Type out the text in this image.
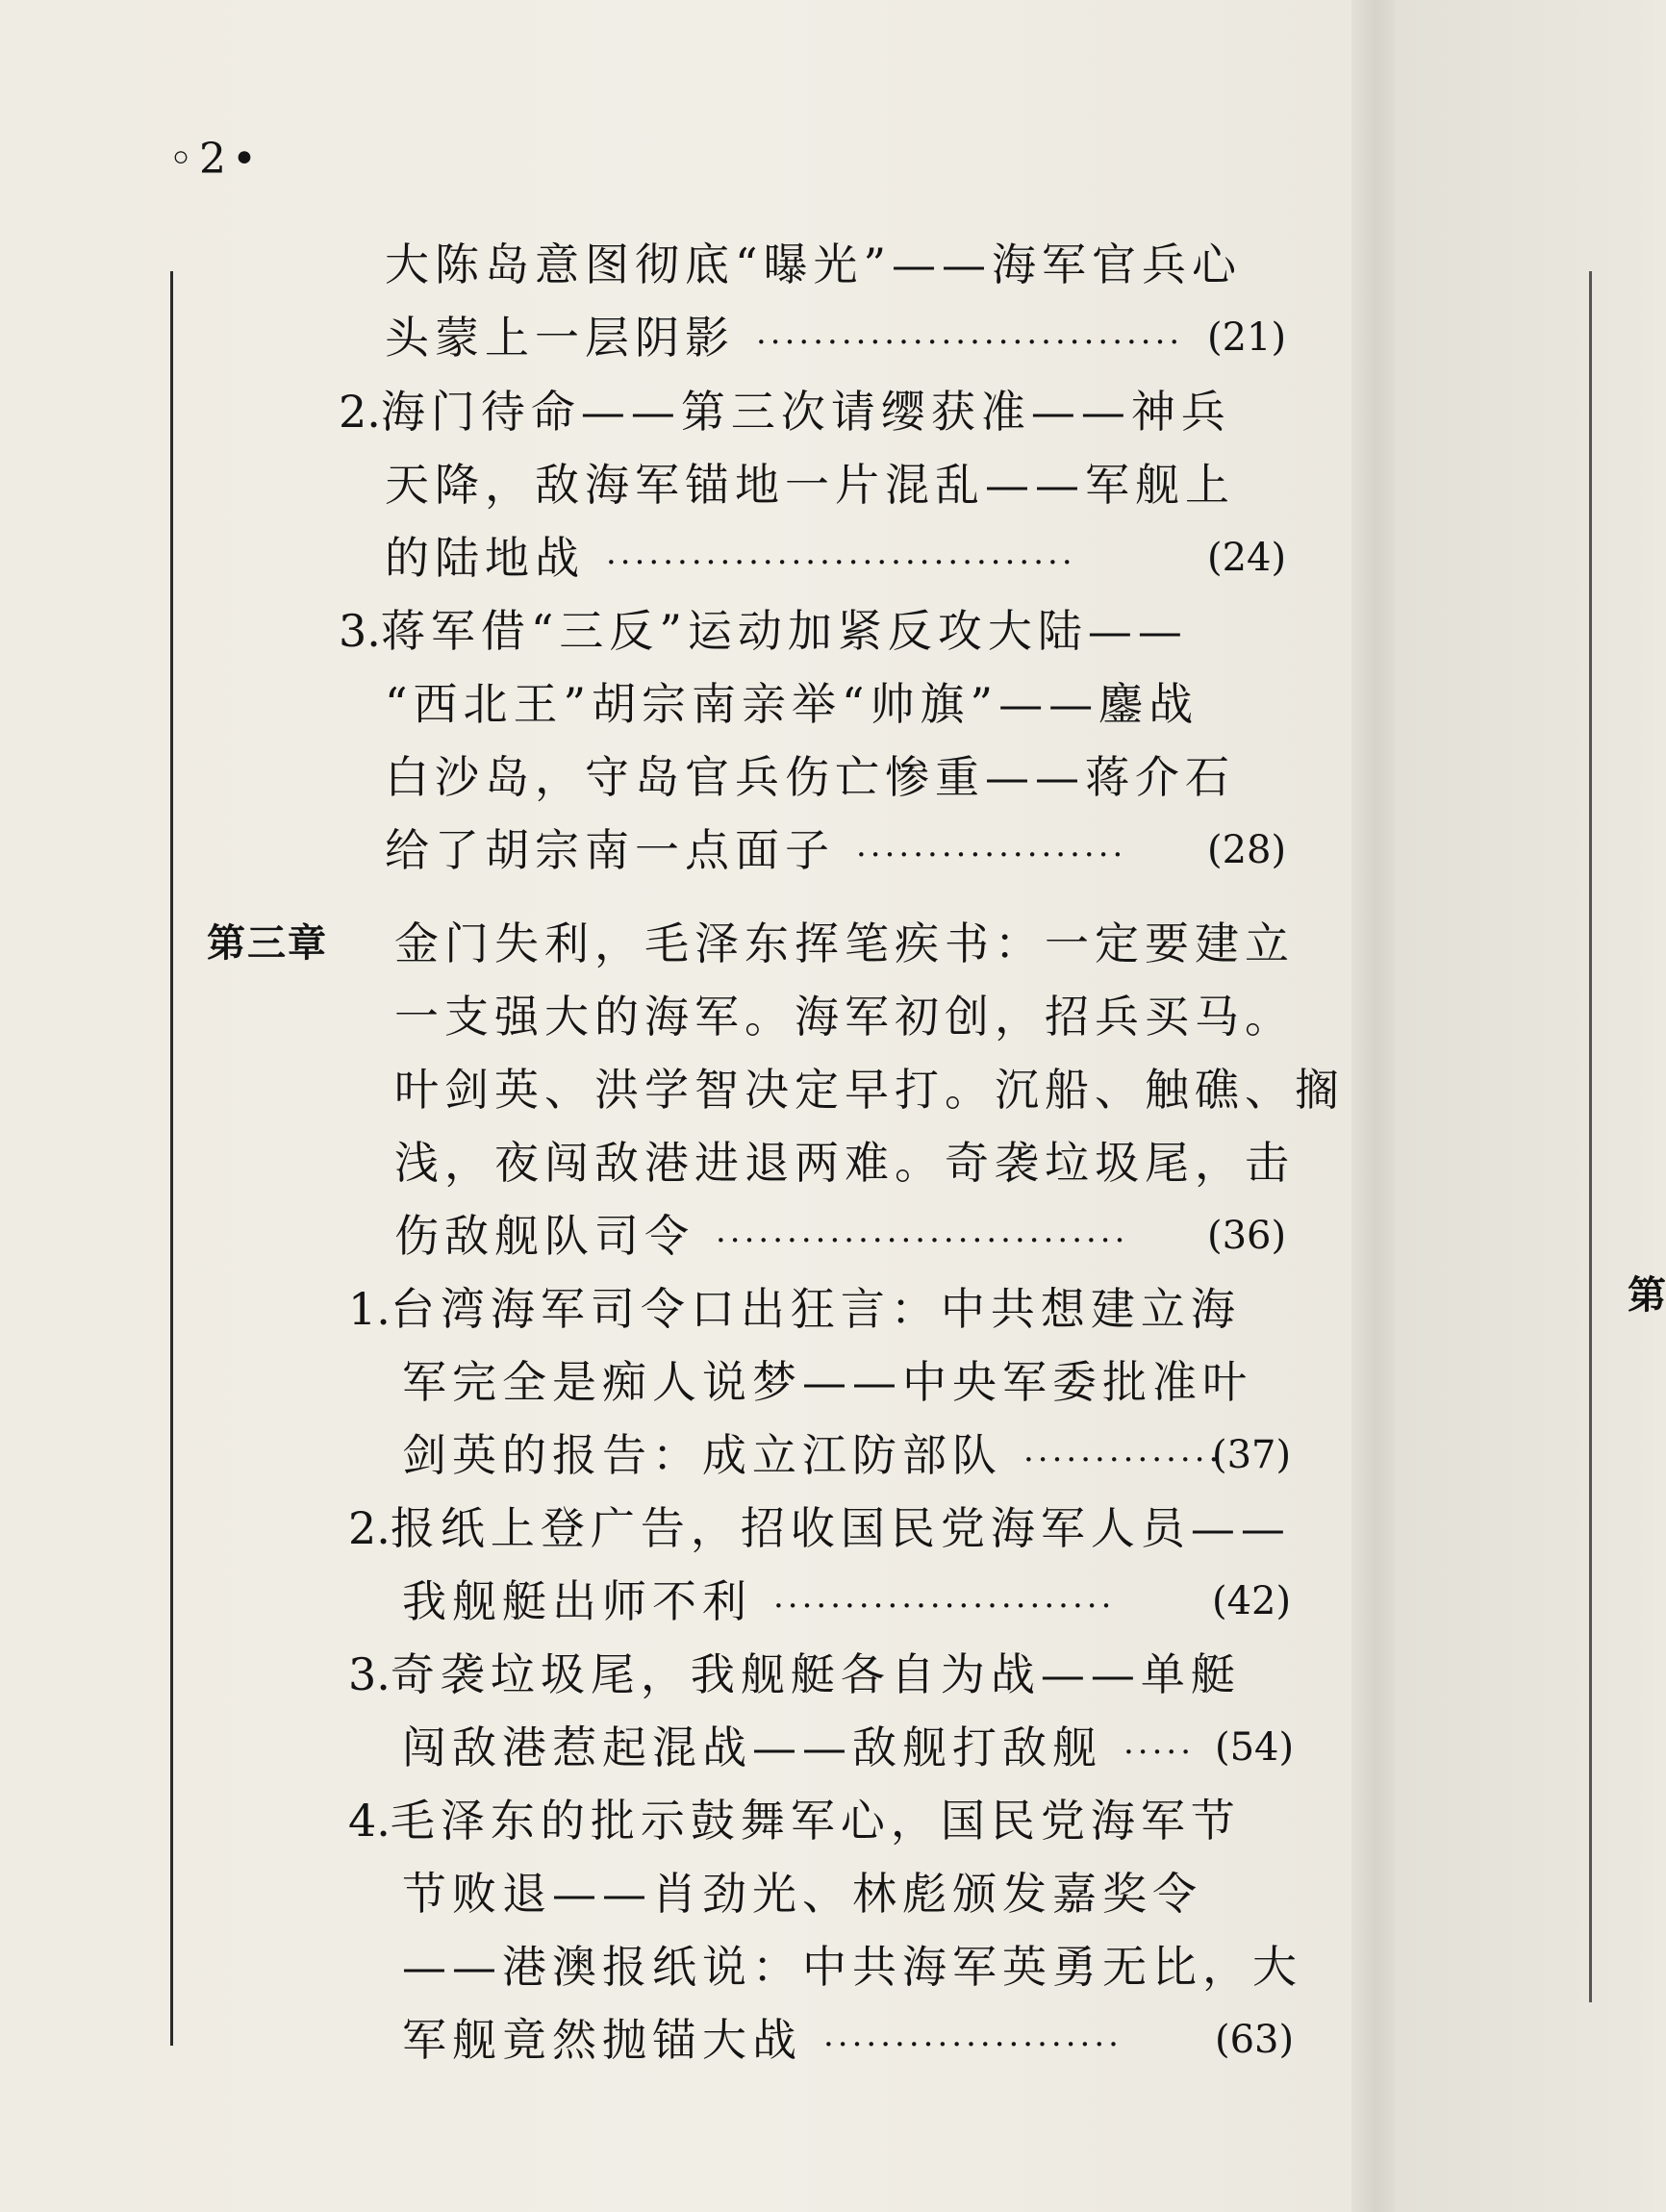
第
◦2•
第三章
大陈岛意图彻底“曝光”——海军官兵心
头蒙上一层阴影 ······························ (21)
2.海门待命——第三次请缨获准——神兵
天降，敌海军锚地一片混乱——军舰上
的陆地战 ·································	(24)
3.蒋军借“三反”运动加紧反攻大陆——
“西北王”胡宗南亲举“帅旗”——鏖战
白沙岛，守岛官兵伤亡惨重——蒋介石
给了胡宗南一点面子 ··················· (28)
金门失利，毛泽东挥笔疾书：一定要建立
一支强大的海军。海军初创，招兵买马。
叶剑英、洪学智决定早打。沉船、触礁、搁
浅，夜闯敌港进退两难。奇袭垃圾尾，击
伤敌舰队司令 ····························· (36)
1.台湾海军司令口出狂言：中共想建立海
军完全是痴人说梦——中央军委批准叶
剑英的报告：成立江防部队 ··············
(37)
2.报纸上登广告，招收国民党海军人员——
我舰艇出师不利 ························	(42)
3.奇袭垃圾尾，我舰艇各自为战——单艇
闯敌港惹起混战——敌舰打敌舰 ····· (54)
4.毛泽东的批示鼓舞军心，国民党海军节
节败退——肖劲光、林彪颁发嘉奖令
——港澳报纸说：中共海军英勇无比，大
军舰竟然抛锚大战 ····················· (63)
